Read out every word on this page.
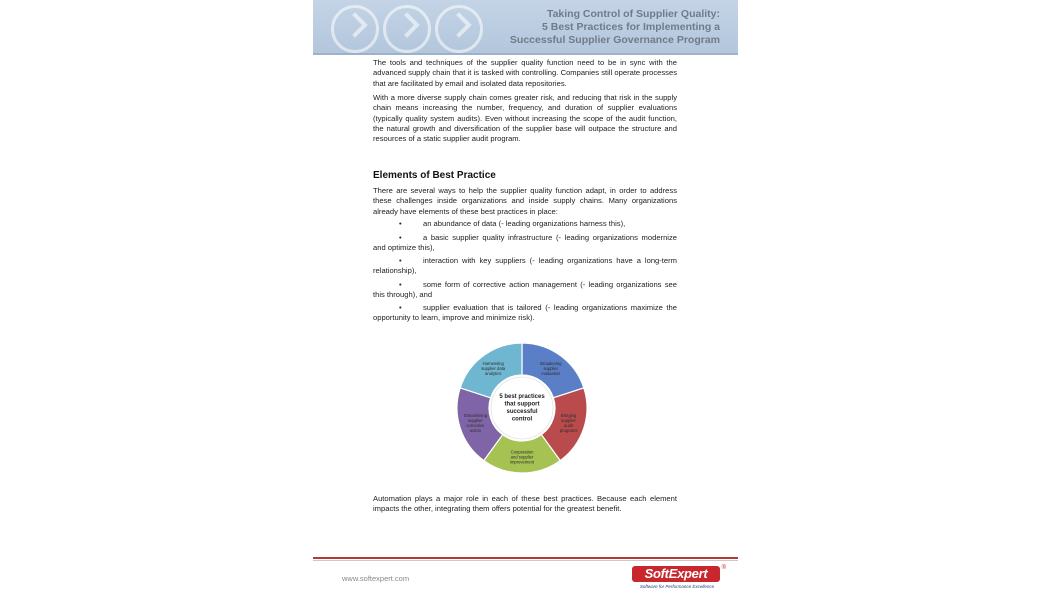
Taking Control of Supplier Quality:
5 Best Practices for Implementing a
Successful Supplier Governance Program
The tools and techniques of the supplier quality function need to be in sync with the advanced supply chain that it is tasked with controlling. Companies still operate processes that are facilitated by email and isolated data repositories.
With a more diverse supply chain comes greater risk, and reducing that risk in the supply chain means increasing the number, frequency, and duration of supplier evaluations (typically quality system audits). Even without increasing the scope of the audit function, the natural growth and diversification of the supplier base will outpace the structure and resources of a static supplier audit program.
Elements of Best Practice
There are several ways to help the supplier quality function adapt, in order to address these challenges inside organizations and inside supply chains. Many organizations already have elements of these best practices in place:
•	an abundance of data (- leading organizations harness this),
•	a basic supplier quality infrastructure (- leading organizations modernize and optimize this),
•	interaction with key suppliers (- leading organizations have a long-term relationship),
•	some form of corrective action management (- leading organizations see this through), and
•	supplier evaluation that is tailored (- leading organizations maximize the opportunity to learn, improve and minimize risk).
5 best practices
that support
successful
control
Broadening
supplier
evaluation
Bringing
supplier
audit
programs
Cooperation
and supplier
improvement
Streamlining
supplier
corrective
action
Harnessing
supplier data
analytics
Automation plays a major role in each of these best practices. Because each element impacts the other, integrating them offers potential for the greatest benefit.
www.softexpert.com	SoftExpert	®
Software for Performance Excellence
